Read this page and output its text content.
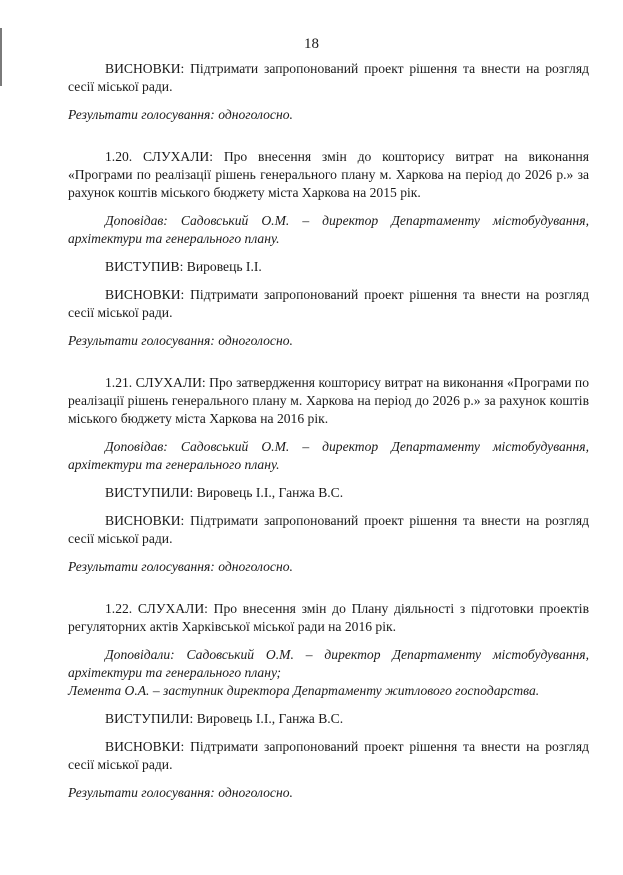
18

ВИСНОВКИ: Підтримати запропонований проект рішення та внести на розгляд сесії міської ради.

Результати голосування: одноголосно.

1.20. СЛУХАЛИ: Про внесення змін до кошторису витрат на виконання «Програми по реалізації рішень генерального плану м. Харкова на період до 2026 р.» за рахунок коштів міського бюджету міста Харкова на 2015 рік.

Доповідав: Садовський О.М. – директор Департаменту містобудування, архітектури та генерального плану.

ВИСТУПИВ: Вировець І.І.

ВИСНОВКИ: Підтримати запропонований проект рішення та внести на розгляд сесії міської ради.

Результати голосування: одноголосно.

1.21. СЛУХАЛИ: Про затвердження кошторису витрат на виконання «Програми по реалізації рішень генерального плану м. Харкова на період до 2026 р.» за рахунок коштів міського бюджету міста Харкова на 2016 рік.

Доповідав: Садовський О.М. – директор Департаменту містобудування, архітектури та генерального плану.

ВИСТУПИЛИ: Вировець І.І., Ганжа В.С.

ВИСНОВКИ: Підтримати запропонований проект рішення та внести на розгляд сесії міської ради.

Результати голосування: одноголосно.

1.22. СЛУХАЛИ: Про внесення змін до Плану діяльності з підготовки проектів регуляторних актів Харківської міської ради на 2016 рік.

Доповідали: Садовський О.М. – директор Департаменту містобудування, архітектури та генерального плану;

Лемента О.А. – заступник директора Департаменту житлового господарства.

ВИСТУПИЛИ: Вировець І.І., Ганжа В.С.

ВИСНОВКИ: Підтримати запропонований проект рішення та внести на розгляд сесії міської ради.

Результати голосування: одноголосно.
